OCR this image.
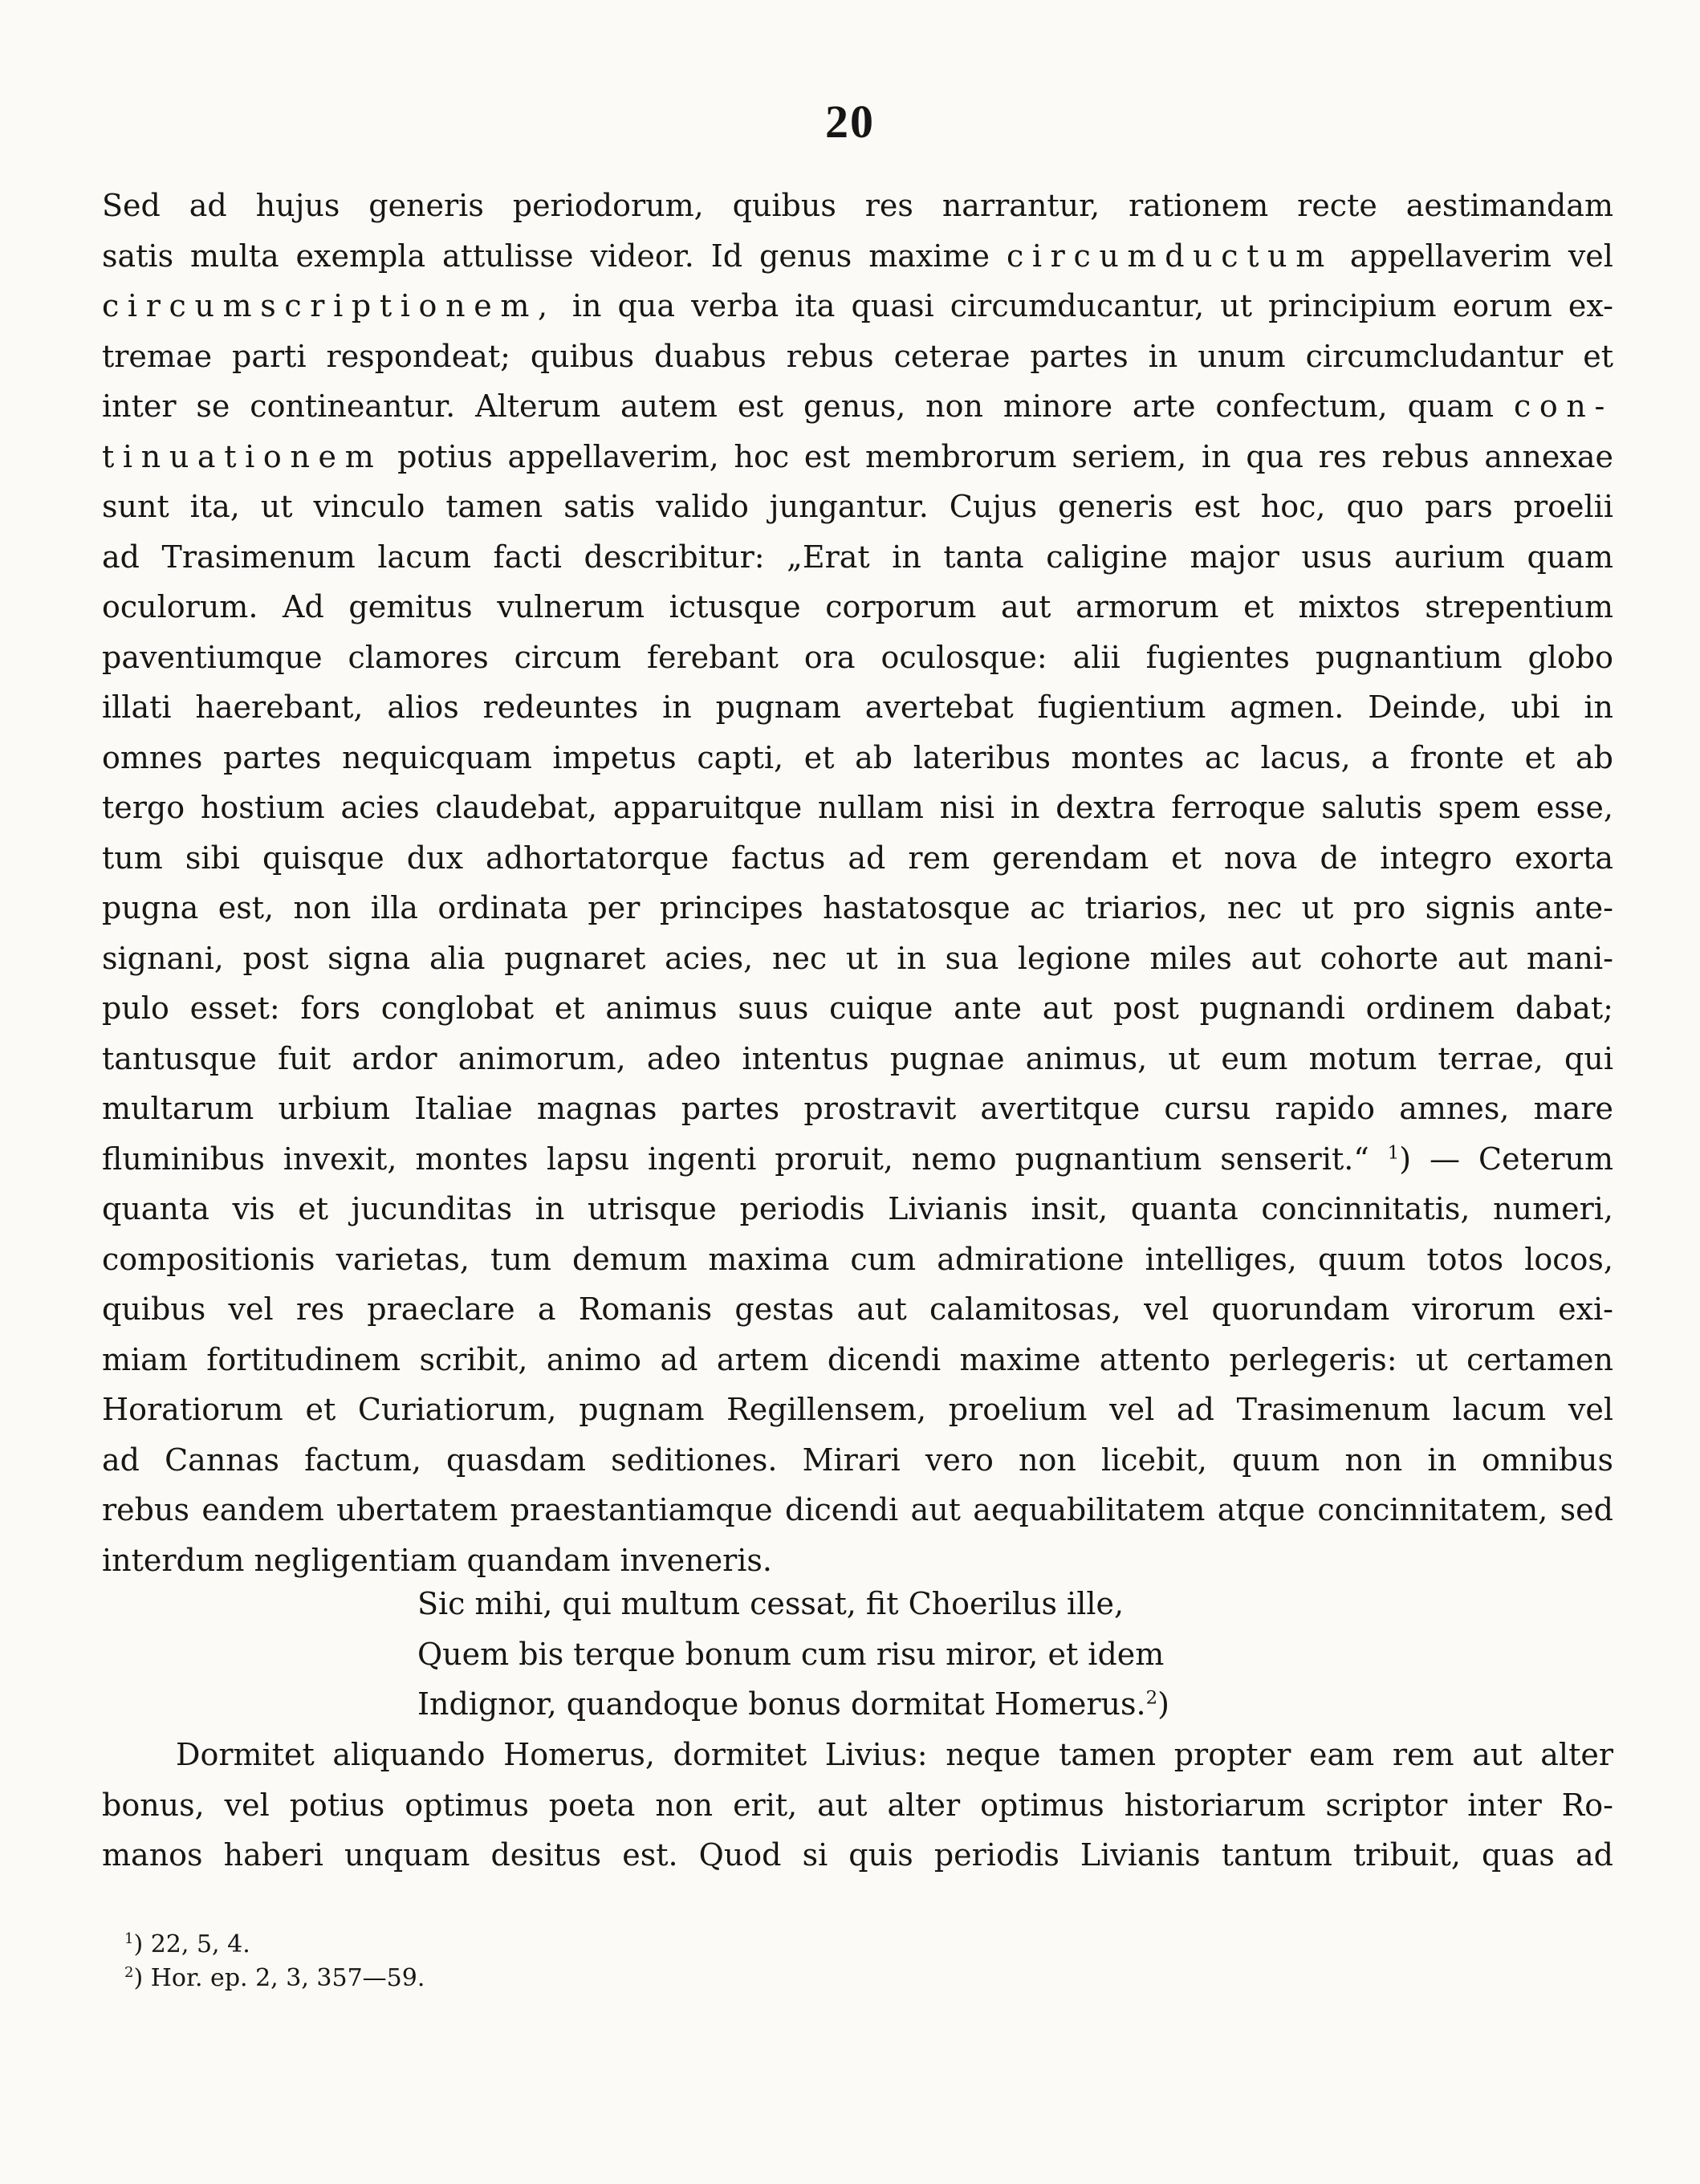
20
Sed ad hujus generis periodorum, quibus res narrantur, rationem recte aestimandam
satis multa exempla attulisse videor. Id genus maxime circumductum appellaverim vel
circumscriptionem, in qua verba ita quasi circumducantur, ut principium eorum ex-
tremae parti respondeat; quibus duabus rebus ceterae partes in unum circumcludantur et
inter se contineantur. Alterum autem est genus, non minore arte confectum, quam con-
tinuationem potius appellaverim, hoc est membrorum seriem, in qua res rebus annexae
sunt ita, ut vinculo tamen satis valido jungantur. Cujus generis est hoc, quo pars proelii
ad Trasimenum lacum facti describitur: „Erat in tanta caligine major usus aurium quam
oculorum. Ad gemitus vulnerum ictusque corporum aut armorum et mixtos strepentium
paventiumque clamores circum ferebant ora oculosque: alii fugientes pugnantium globo
illati haerebant, alios redeuntes in pugnam avertebat fugientium agmen. Deinde, ubi in
omnes partes nequicquam impetus capti, et ab lateribus montes ac lacus, a fronte et ab
tergo hostium acies claudebat, apparuitque nullam nisi in dextra ferroque salutis spem esse,
tum sibi quisque dux adhortatorque factus ad rem gerendam et nova de integro exorta
pugna est, non illa ordinata per principes hastatosque ac triarios, nec ut pro signis ante-
signani, post signa alia pugnaret acies, nec ut in sua legione miles aut cohorte aut mani-
pulo esset: fors conglobat et animus suus cuique ante aut post pugnandi ordinem dabat;
tantusque fuit ardor animorum, adeo intentus pugnae animus, ut eum motum terrae, qui
multarum urbium Italiae magnas partes prostravit avertitque cursu rapido amnes, mare
fluminibus invexit, montes lapsu ingenti proruit, nemo pugnantium senserit.“ $^1$) — Ceterum
quanta vis et jucunditas in utrisque periodis Livianis insit, quanta concinnitatis, numeri,
compositionis varietas, tum demum maxima cum admiratione intelliges, quum totos locos,
quibus vel res praeclare a Romanis gestas aut calamitosas, vel quorundam virorum exi-
miam fortitudinem scribit, animo ad artem dicendi maxime attento perlegeris: ut certamen
Horatiorum et Curiatiorum, pugnam Regillensem, proelium vel ad Trasimenum lacum vel
ad Cannas factum, quasdam seditiones. Mirari vero non licebit, quum non in omnibus
rebus eandem ubertatem praestantiamque dicendi aut aequabilitatem atque concinnitatem, sed
interdum negligentiam quandam inveneris.
Sic mihi, qui multum cessat, fit Choerilus ille,
Quem bis terque bonum cum risu miror, et idem
Indignor, quandoque bonus dormitat Homerus.$^2$)
Dormitet aliquando Homerus, dormitet Livius: neque tamen propter eam rem aut alter
bonus, vel potius optimus poeta non erit, aut alter optimus historiarum scriptor inter Ro-
manos haberi unquam desitus est. Quod si quis periodis Livianis tantum tribuit, quas ad
$^1$) 22, 5, 4.
$^2$) Hor. ep. 2, 3, 357—59.
